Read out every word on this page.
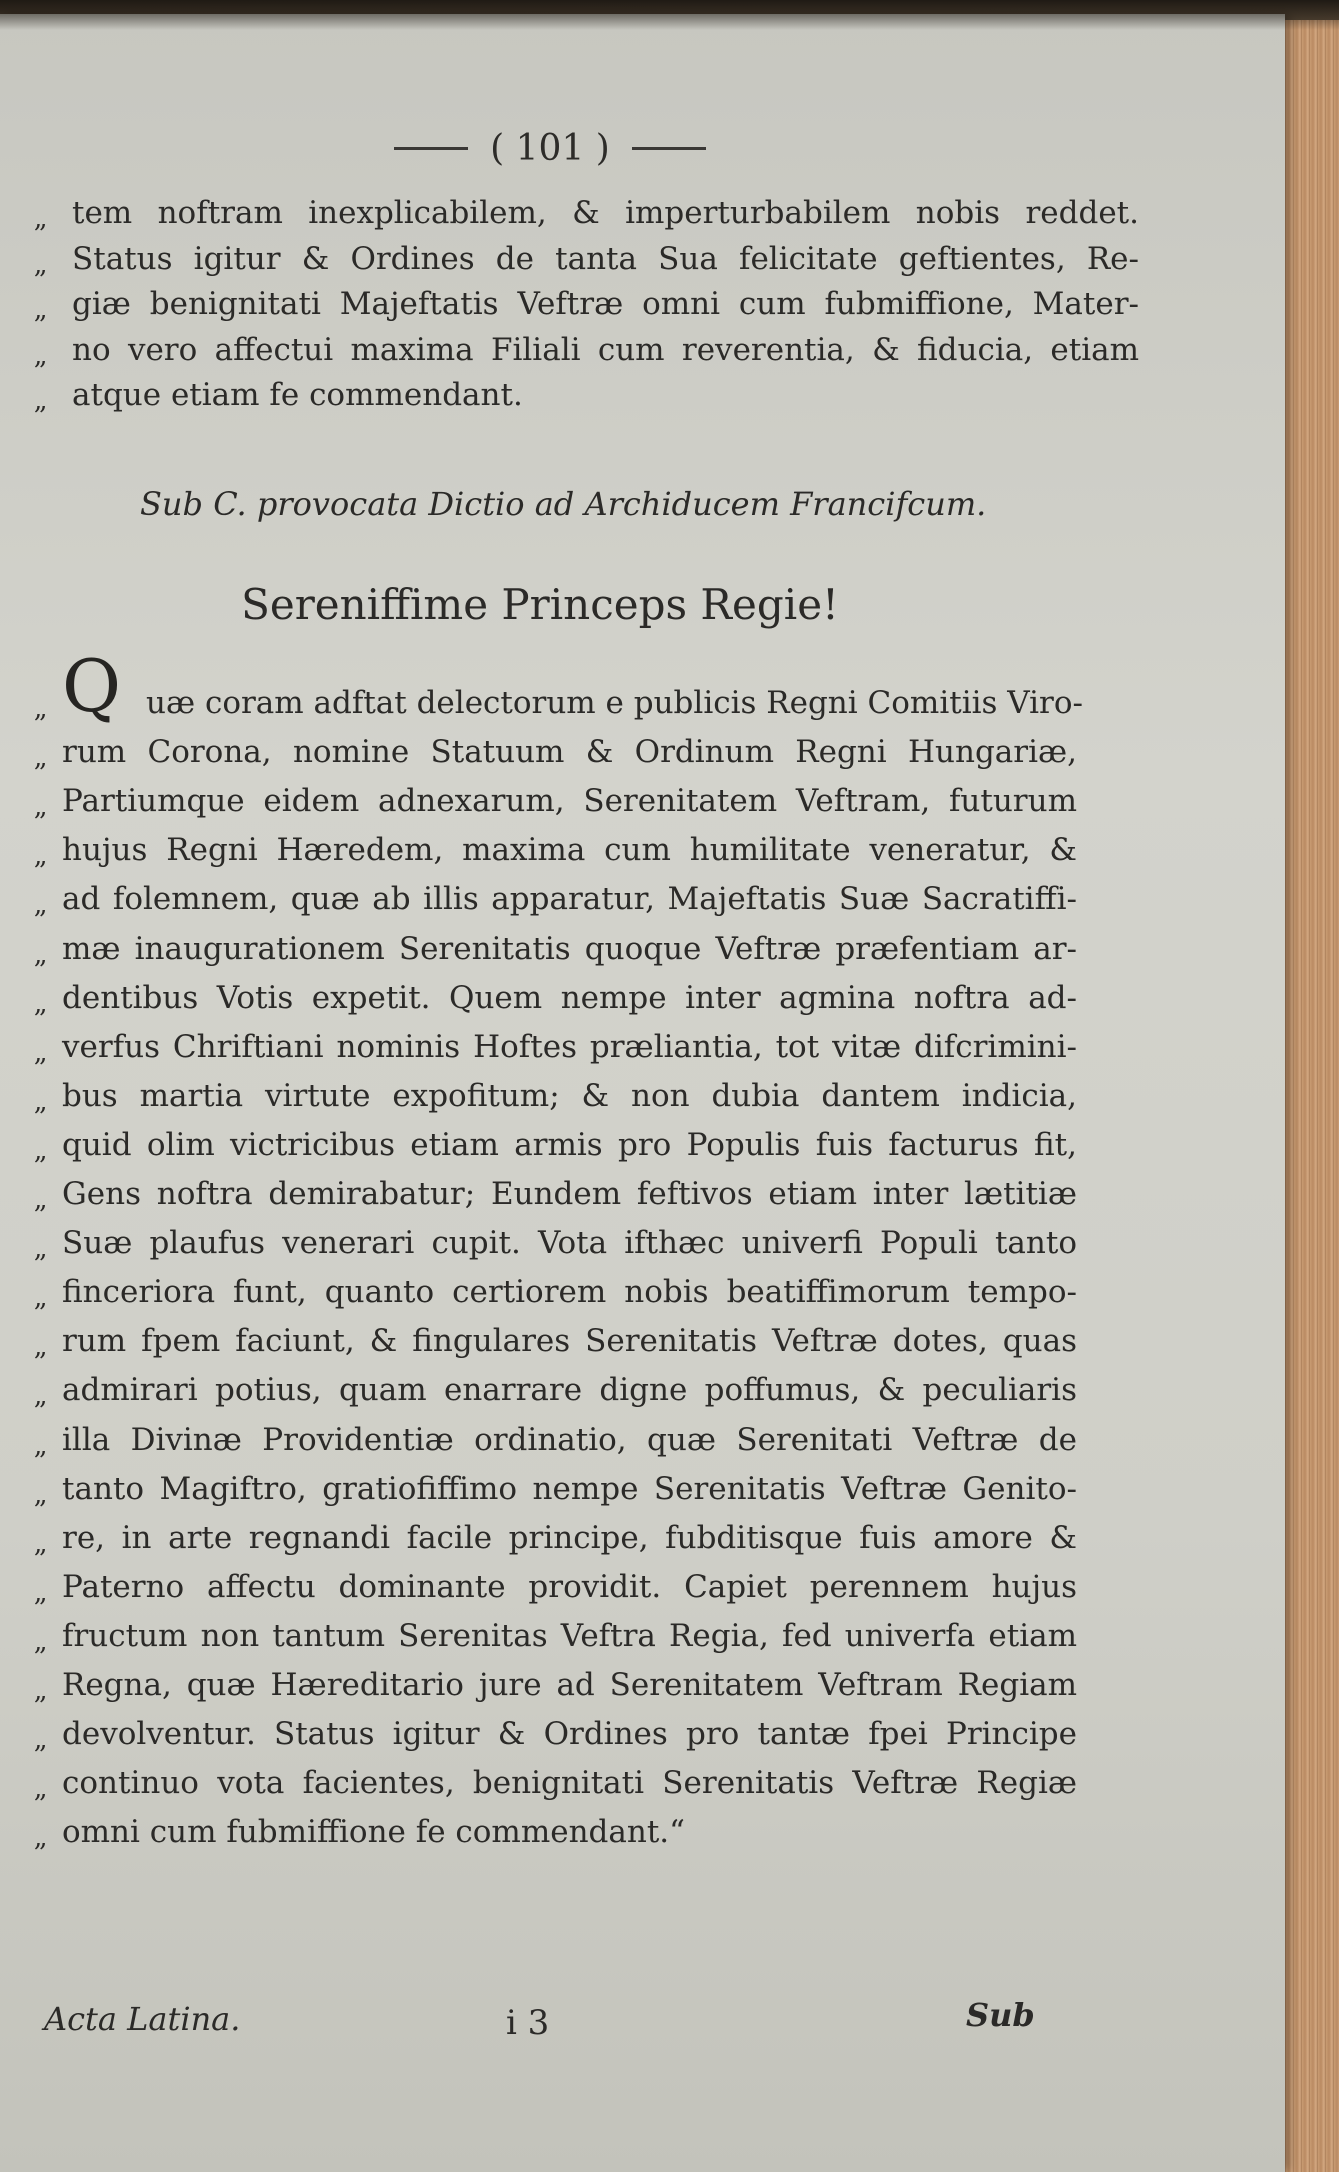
( 101 )
,, tem noftram inexplicabilem, & imperturbabilem nobis reddet.
,, Status igitur & Ordines de tanta Sua felicitate geftientes, Re-
,, giæ benignitati Majeftatis Veftræ omni cum fubmiffione, Mater-
,, no vero affectui maxima Filiali cum reverentia, & fiducia, etiam
,, atque etiam fe commendant.
Sub C. provocata Dictio ad Archiducem Francifcum.
Sereniffime Princeps Regie!
Q
,,	uæ coram adftat delectorum e publicis Regni Comitiis Viro-
,, rum Corona, nomine Statuum & Ordinum Regni Hungariæ,
,, Partiumque eidem adnexarum, Serenitatem Veftram, futurum
,, hujus Regni Hæredem, maxima cum humilitate veneratur, &
,, ad folemnem, quæ ab illis apparatur, Majeftatis Suæ Sacratiffi-
,, mæ inaugurationem Serenitatis quoque Veftræ præfentiam ar-
,, dentibus Votis expetit. Quem nempe inter agmina noftra ad-
,, verfus Chriftiani nominis Hoftes præliantia, tot vitæ difcrimini-
,, bus martia virtute expofitum; & non dubia dantem indicia,
,, quid olim victricibus etiam armis pro Populis fuis facturus fit,
,, Gens noftra demirabatur; Eundem feftivos etiam inter lætitiæ
,, Suæ plaufus venerari cupit. Vota ifthæc univerfi Populi tanto
,, finceriora funt, quanto certiorem nobis beatiffimorum tempo-
,, rum fpem faciunt, & fingulares Serenitatis Veftræ dotes, quas
,, admirari potius, quam enarrare digne poffumus, & peculiaris
,, illa Divinæ Providentiæ ordinatio, quæ Serenitati Veftræ de
,, tanto Magiftro, gratiofiffimo nempe Serenitatis Veftræ Genito-
,, re, in arte regnandi facile principe, fubditisque fuis amore &
,, Paterno affectu dominante providit. Capiet perennem hujus
,, fructum non tantum Serenitas Veftra Regia, fed univerfa etiam
,, Regna, quæ Hæreditario jure ad Serenitatem Veftram Regiam
,, devolventur. Status igitur & Ordines pro tantæ fpei Principe
,, continuo vota facientes, benignitati Serenitatis Veftræ Regiæ
,, omni cum fubmiffione fe commendant.“
Acta Latina.	i 3	Sub
